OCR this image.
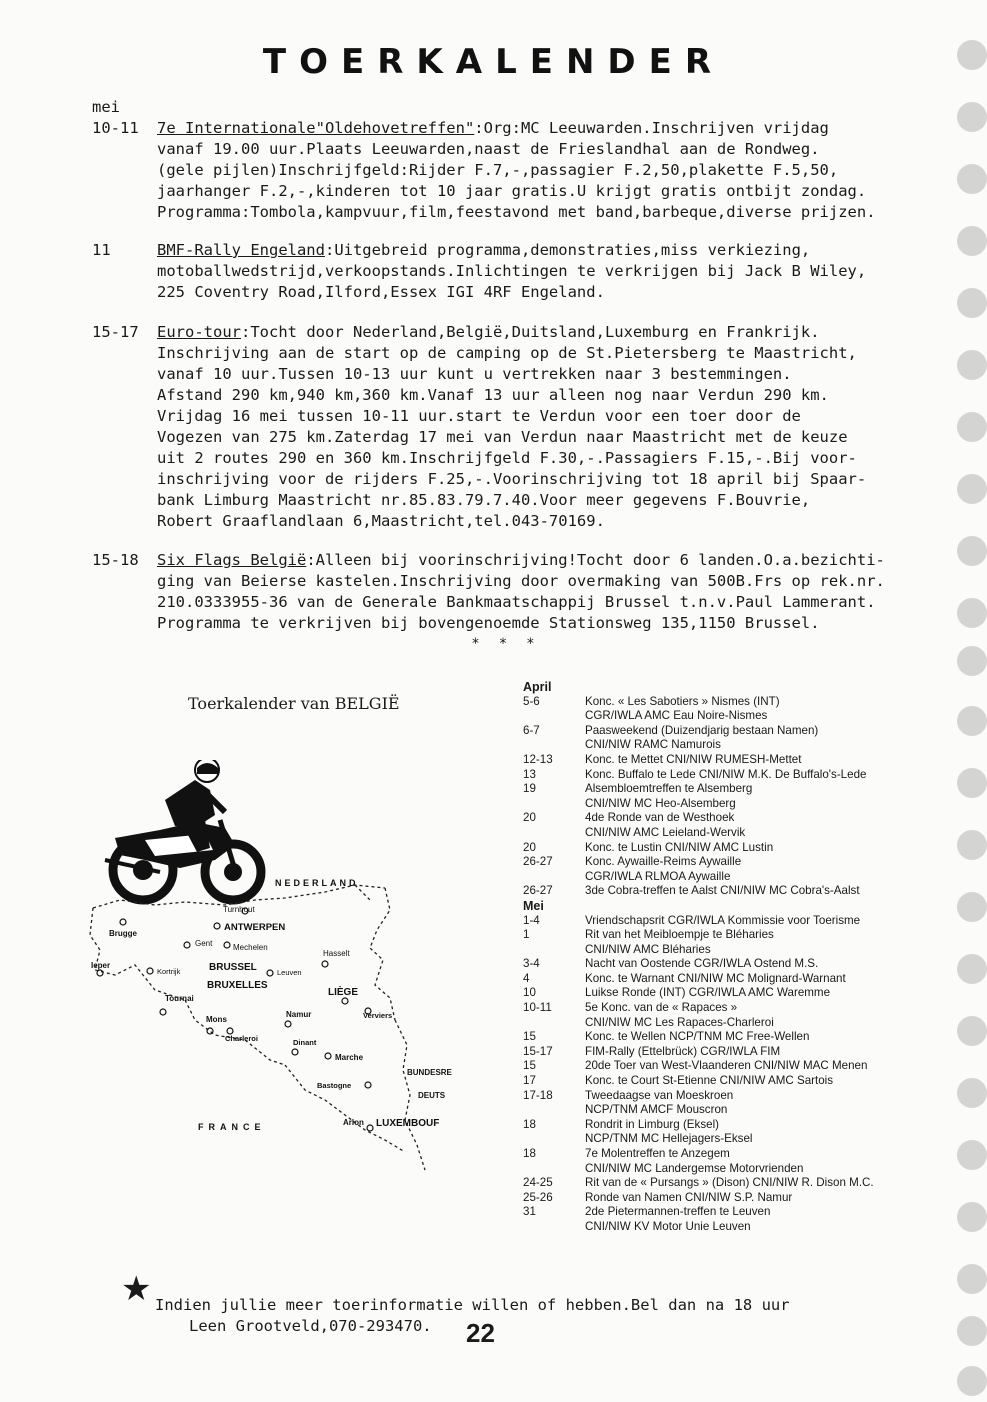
TOERKALENDER
mei
10-11	7e Internationale"Oldehovetreffen":Org:MC Leeuwarden.Inschrijven vrijdag
vanaf 19.00 uur.Plaats Leeuwarden,naast de Frieslandhal aan de Rondweg.
(gele pijlen)Inschrijfgeld:Rijder F.7,-,passagier F.2,50,plakette F.5,50,
jaarhanger F.2,-,kinderen tot 10 jaar gratis.U krijgt gratis ontbijt zondag.
Programma:Tombola,kampvuur,film,feestavond met band,barbeque,diverse prijzen.
11	BMF-Rally Engeland:Uitgebreid programma,demonstraties,miss verkiezing,
motoballwedstrijd,verkoopstands.Inlichtingen te verkrijgen bij Jack B Wiley,
225 Coventry Road,Ilford,Essex IGI 4RF Engeland.
15-17	Euro-tour:Tocht door Nederland,België,Duitsland,Luxemburg en Frankrijk.
Inschrijving aan de start op de camping op de St.Pietersberg te Maastricht,
vanaf 10 uur.Tussen 10-13 uur kunt u vertrekken naar 3 bestemmingen.
Afstand 290 km,940 km,360 km.Vanaf 13 uur alleen nog naar Verdun 290 km.
Vrijdag 16 mei tussen 10-11 uur.start te Verdun voor een toer door de
Vogezen van 275 km.Zaterdag 17 mei van Verdun naar Maastricht met de keuze
uit 2 routes 290 en 360 km.Inschrijfgeld F.30,-.Passagiers F.15,-.Bij voor-
inschrijving voor de rijders F.25,-.Voorinschrijving tot 18 april bij Spaar-
bank Limburg Maastricht nr.85.83.79.7.40.Voor meer gegevens F.Bouvrie,
Robert Graaflandlaan 6,Maastricht,tel.043-70169.
15-18	Six Flags België:Alleen bij voorinschrijving!Tocht door 6 landen.O.a.bezichti-
ging van Beierse kastelen.Inschrijving door overmaking van 500B.Frs op rek.nr.
210.0333955-36 van de Generale Bankmaatschappij Brussel t.n.v.Paul Lammerant.
Programma te verkrijven bij bovengenoemde Stationsweg 135,1150 Brussel.
* * *
Toerkalender van BELGIË
NEDERLAND
Turnhout
ANTWERPEN
Brugge
Gent	Mechelen
Hasselt
Ieper
Kortrijk	BRUSSEL
BRUXELLES
Leuven
Tournai
LIÈGE
Mons
Namur	Verviers
Charleroi	Dinant
Marche
BUNDESRE
Bastogne
DEUTS
FRANCE	Arlon LUXEMBOUF
April
5-6	Konc. « Les Sabotiers » Nismes (INT)
CGR/IWLA AMC Eau Noire-Nismes
6-7	Paasweekend (Duizendjarig bestaan Namen)
CNI/NIW RAMC Namurois
12-13	Konc. te Mettet CNI/NIW RUMESH-Mettet
13	Konc. Buffalo te Lede CNI/NIW M.K. De Buffalo's-Lede
19	Alsembloemtreffen te Alsemberg
CNI/NIW MC Heo-Alsemberg
20	4de Ronde van de Westhoek
CNI/NIW AMC Leieland-Wervik
20	Konc. te Lustin CNI/NIW AMC Lustin
26-27	Konc. Aywaille-Reims Aywaille
CGR/IWLA RLMOA Aywaille
26-27	3de Cobra-treffen te Aalst CNI/NIW MC Cobra's-Aalst
Mei
1-4	Vriendschapsrit CGR/IWLA Kommissie voor Toerisme
1	Rit van het Meibloempje te Bléharies
CNI/NIW AMC Bléharies
3-4	Nacht van Oostende CGR/IWLA Ostend M.S.
4	Konc. te Warnant CNI/NIW MC Molignard-Warnant
10	Luikse Ronde (INT) CGR/IWLA AMC Waremme
10-11	5e Konc. van de « Rapaces »
CNI/NIW MC Les Rapaces-Charleroi
15	Konc. te Wellen NCP/TNM MC Free-Wellen
15-17	FIM-Rally (Ettelbrück) CGR/IWLA FIM
15	20de Toer van West-Vlaanderen CNI/NIW MAC Menen
17	Konc. te Court St-Etienne CNI/NIW AMC Sartois
17-18	Tweedaagse van Moeskroen
NCP/TNM AMCF Mouscron
18	Rondrit in Limburg (Eksel)
NCP/TNM MC Hellejagers-Eksel
18	7e Molentreffen te Anzegem
CNI/NIW MC Landergemse Motorvrienden
24-25	Rit van de « Pursangs » (Dison) CNI/NIW R. Dison M.C.
25-26	Ronde van Namen CNI/NIW S.P. Namur
31	2de Pietermannen-treffen te Leuven
CNI/NIW KV Motor Unie Leuven
★ Indien jullie meer toerinformatie willen of hebben.Bel dan na 18 uur
Leen Grootveld,070-293470.	22
